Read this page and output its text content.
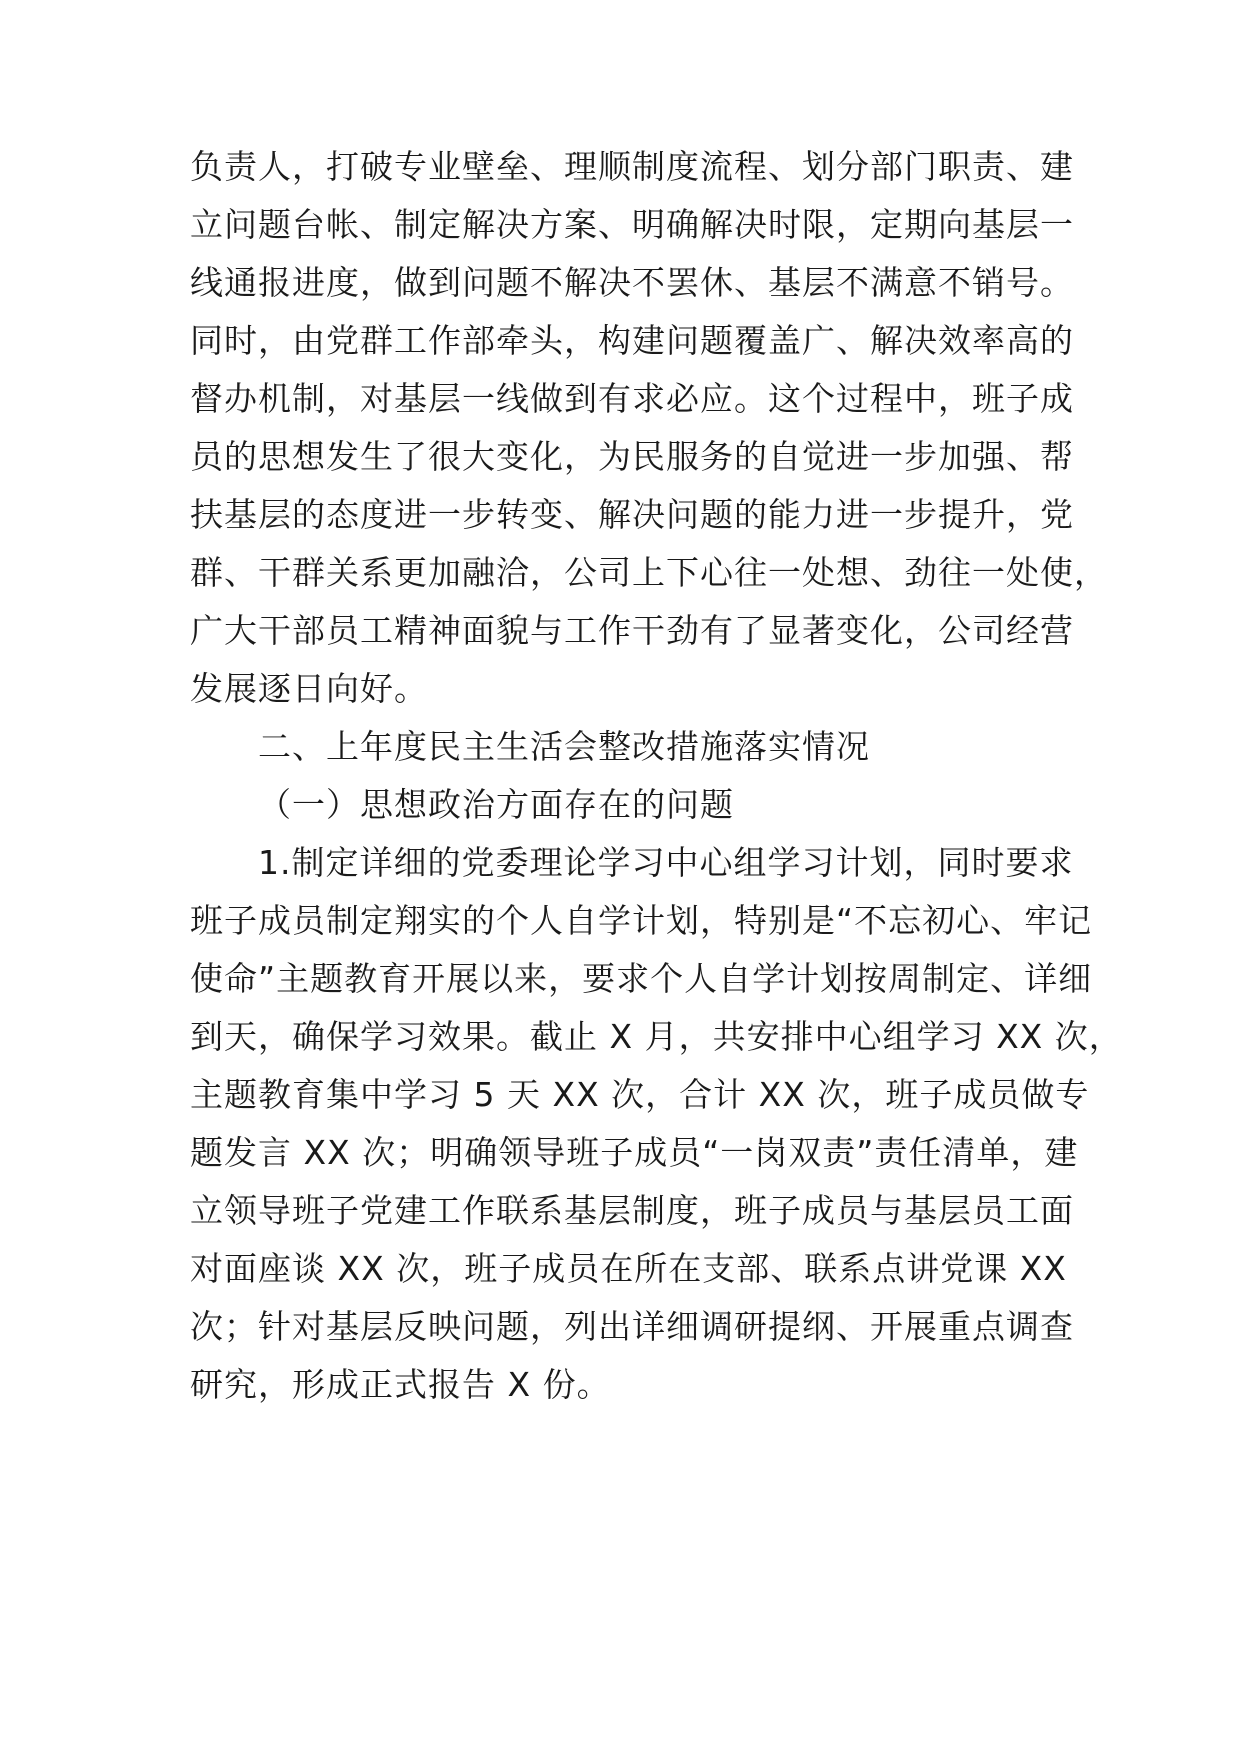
负责人，打破专业壁垒、理顺制度流程、划分部门职责、建
立问题台帐、制定解决方案、明确解决时限，定期向基层一
线通报进度，做到问题不解决不罢休、基层不满意不销号。
同时，由党群工作部牵头，构建问题覆盖广、解决效率高的
督办机制，对基层一线做到有求必应。这个过程中，班子成
员的思想发生了很大变化，为民服务的自觉进一步加强、帮
扶基层的态度进一步转变、解决问题的能力进一步提升，党
群、干群关系更加融洽，公司上下心往一处想、劲往一处使，
广大干部员工精神面貌与工作干劲有了显著变化，公司经营
发展逐日向好。
二、上年度民主生活会整改措施落实情况
（一）思想政治方面存在的问题
1.制定详细的党委理论学习中心组学习计划，同时要求
班子成员制定翔实的个人自学计划，特别是“不忘初心、牢记
使命”主题教育开展以来，要求个人自学计划按周制定、详细
到天，确保学习效果。截止 X 月，共安排中心组学习 XX 次，
主题教育集中学习 5 天 XX 次，合计 XX 次，班子成员做专
题发言 XX 次；明确领导班子成员“一岗双责”责任清单，建
立领导班子党建工作联系基层制度，班子成员与基层员工面
对面座谈 XX 次，班子成员在所在支部、联系点讲党课 XX
次；针对基层反映问题，列出详细调研提纲、开展重点调查
研究，形成正式报告 X 份。
